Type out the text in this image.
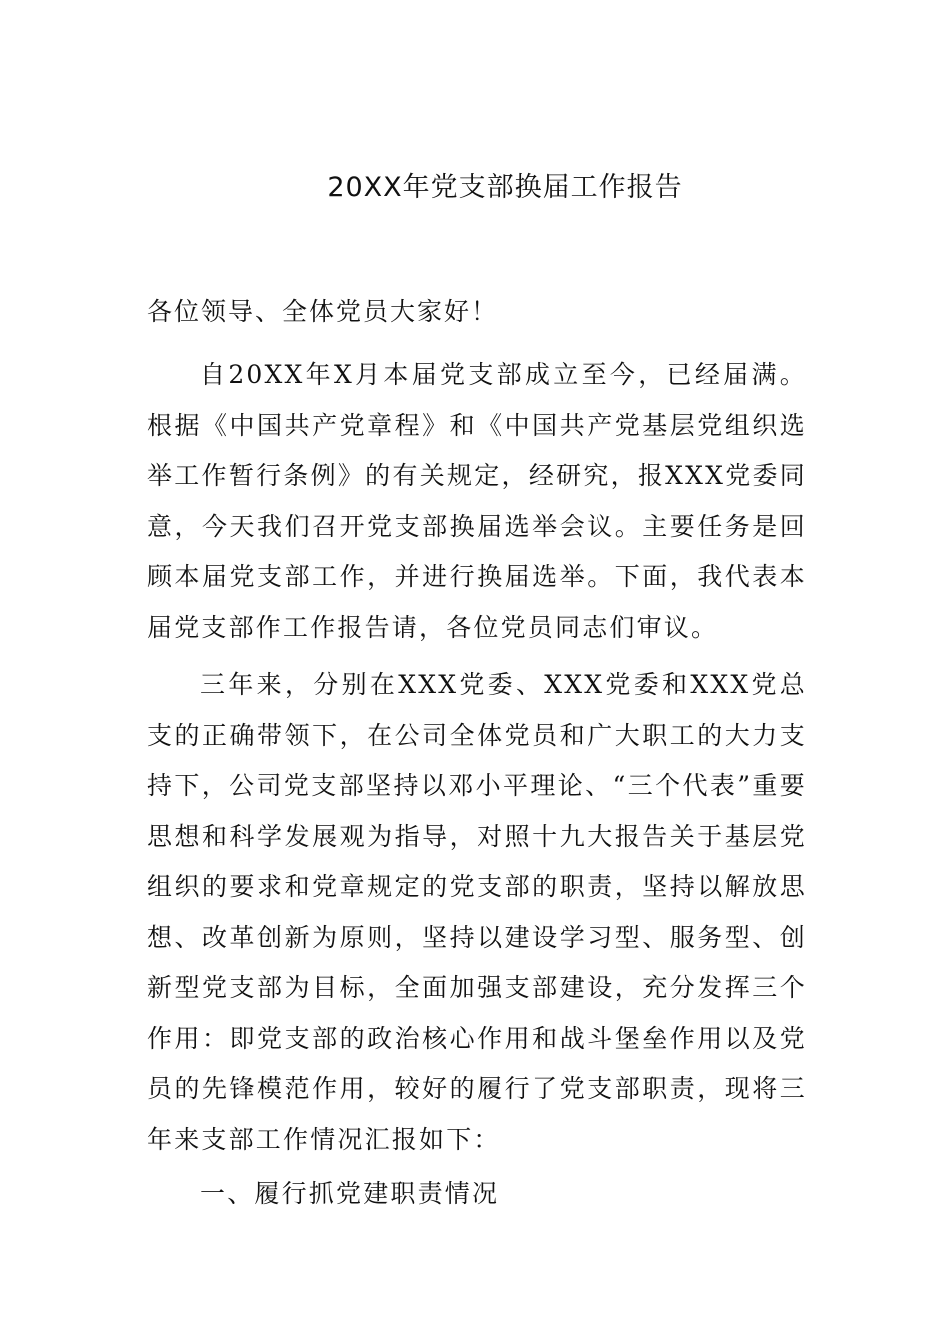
20XX年党支部换届工作报告

各位领导、全体党员大家好！

自20XX年X月本届党支部成立至今，已经届满。根据《中国共产党章程》和《中国共产党基层党组织选举工作暂行条例》的有关规定，经研究，报XXX党委同意，今天我们召开党支部换届选举会议。主要任务是回顾本届党支部工作，并进行换届选举。下面，我代表本届党支部作工作报告请，各位党员同志们审议。

三年来，分别在XXX党委、XXX党委和XXX党总支的正确带领下，在公司全体党员和广大职工的大力支持下，公司党支部坚持以邓小平理论、“三个代表”重要思想和科学发展观为指导，对照十九大报告关于基层党组织的要求和党章规定的党支部的职责，坚持以解放思想、改革创新为原则，坚持以建设学习型、服务型、创新型党支部为目标，全面加强支部建设，充分发挥三个作用：即党支部的政治核心作用和战斗堡垒作用以及党员的先锋模范作用，较好的履行了党支部职责，现将三年来支部工作情况汇报如下：

一、履行抓党建职责情况
